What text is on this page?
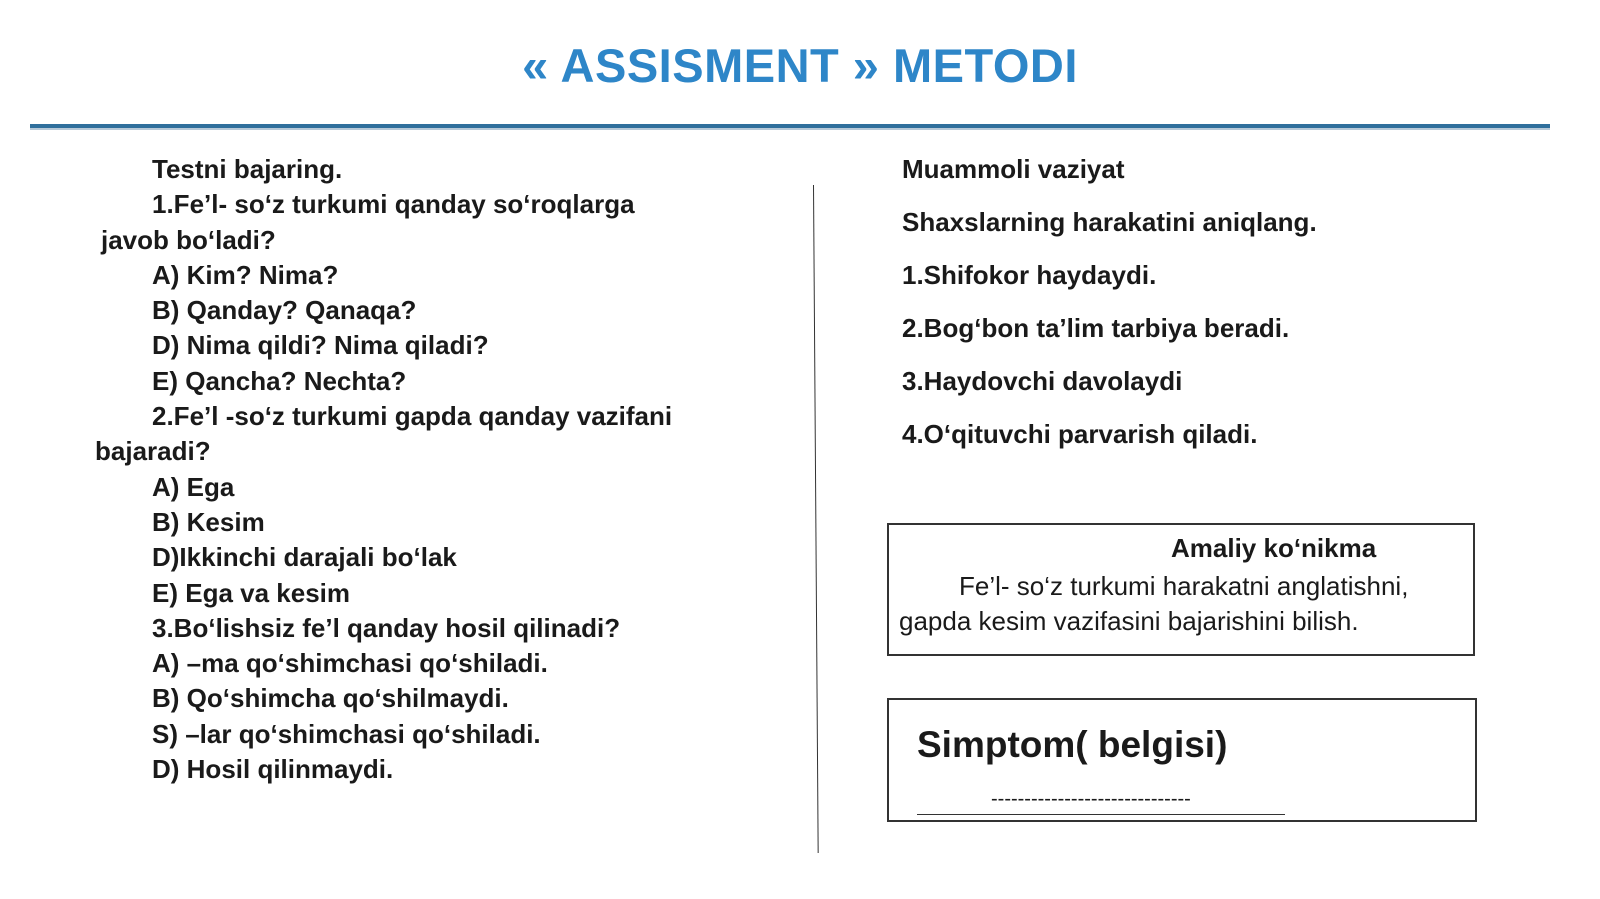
« ASSISMENT » METODI
Testni bajaring.
1.Fe’l- so‘z turkumi qanday so‘roqlarga
javob bo‘ladi?
A) Kim? Nima?
B) Qanday? Qanaqa?
D) Nima qildi? Nima qiladi?
E) Qancha? Nechta?
2.Fe’l -so‘z turkumi gapda qanday vazifani
bajaradi?
A) Ega
B) Kesim
D)Ikkinchi darajali bo‘lak
E) Ega va kesim
3.Bo‘lishsiz fe’l qanday hosil qilinadi?
A) –ma qo‘shimchasi qo‘shiladi.
B) Qo‘shimcha qo‘shilmaydi.
S) –lar qo‘shimchasi qo‘shiladi.
D) Hosil qilinmaydi.
Muammoli vaziyat
Shaxslarning harakatini aniqlang.
1.Shifokor haydaydi.
2.Bog‘bon ta’lim tarbiya beradi.
3.Haydovchi davolaydi
4.O‘qituvchi parvarish qiladi.
Amaliy ko‘nikma
Fe’l- so‘z turkumi harakatni anglatishni,
gapda kesim vazifasini bajarishini bilish.
Simptom( belgisi)
------------------------------
